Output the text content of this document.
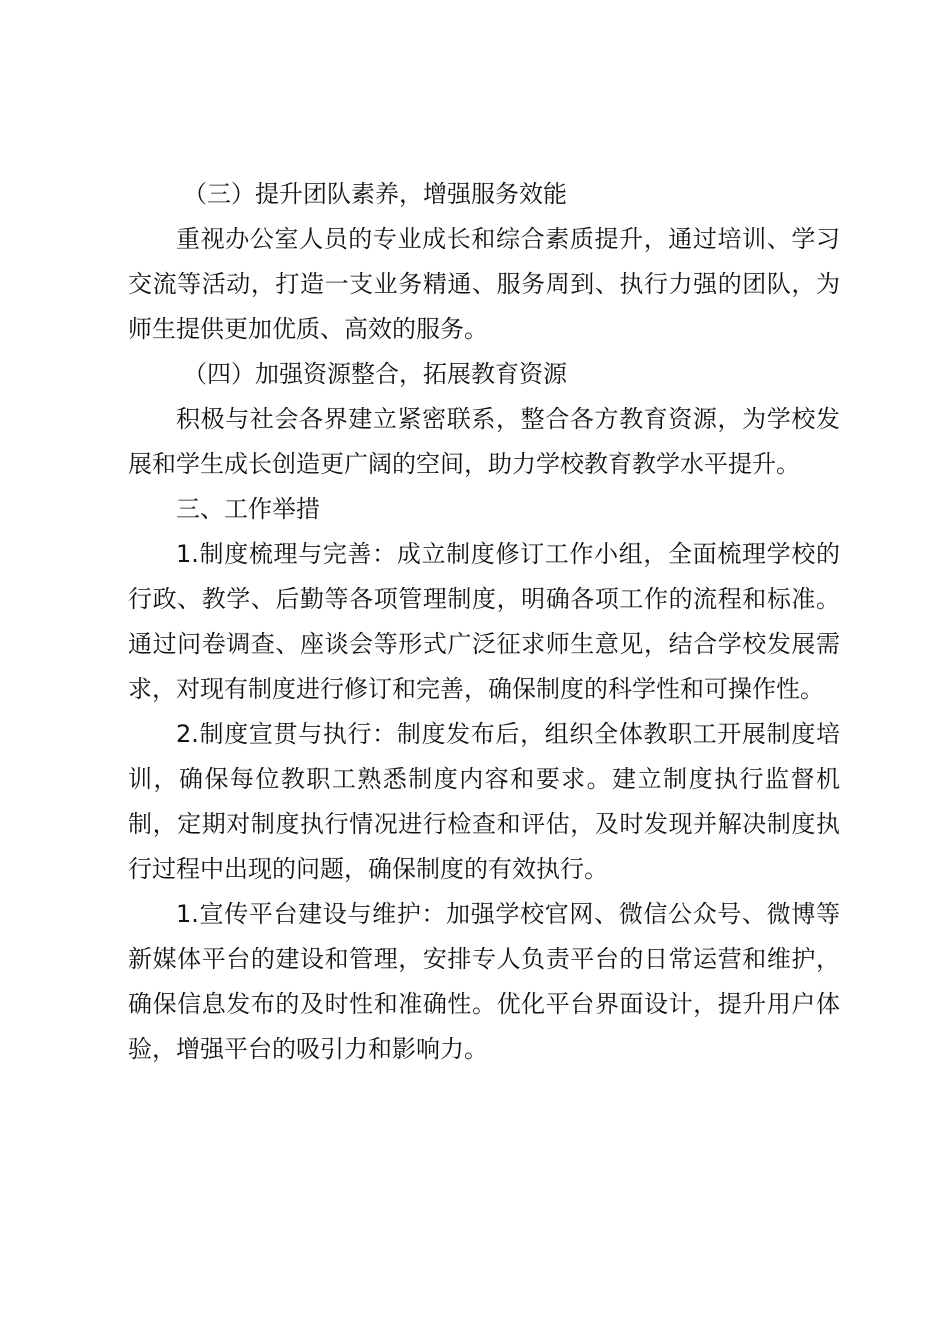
（三）提升团队素养，增强服务效能

重视办公室人员的专业成长和综合素质提升，通过培训、学习交流等活动，打造一支业务精通、服务周到、执行力强的团队，为师生提供更加优质、高效的服务。

（四）加强资源整合，拓展教育资源

积极与社会各界建立紧密联系，整合各方教育资源，为学校发展和学生成长创造更广阔的空间，助力学校教育教学水平提升。

三、工作举措

1.制度梳理与完善：成立制度修订工作小组，全面梳理学校的行政、教学、后勤等各项管理制度，明确各项工作的流程和标准。通过问卷调查、座谈会等形式广泛征求师生意见，结合学校发展需求，对现有制度进行修订和完善，确保制度的科学性和可操作性。

2.制度宣贯与执行：制度发布后，组织全体教职工开展制度培训，确保每位教职工熟悉制度内容和要求。建立制度执行监督机制，定期对制度执行情况进行检查和评估，及时发现并解决制度执行过程中出现的问题，确保制度的有效执行。

1.宣传平台建设与维护：加强学校官网、微信公众号、微博等新媒体平台的建设和管理，安排专人负责平台的日常运营和维护，确保信息发布的及时性和准确性。优化平台界面设计，提升用户体验，增强平台的吸引力和影响力。
